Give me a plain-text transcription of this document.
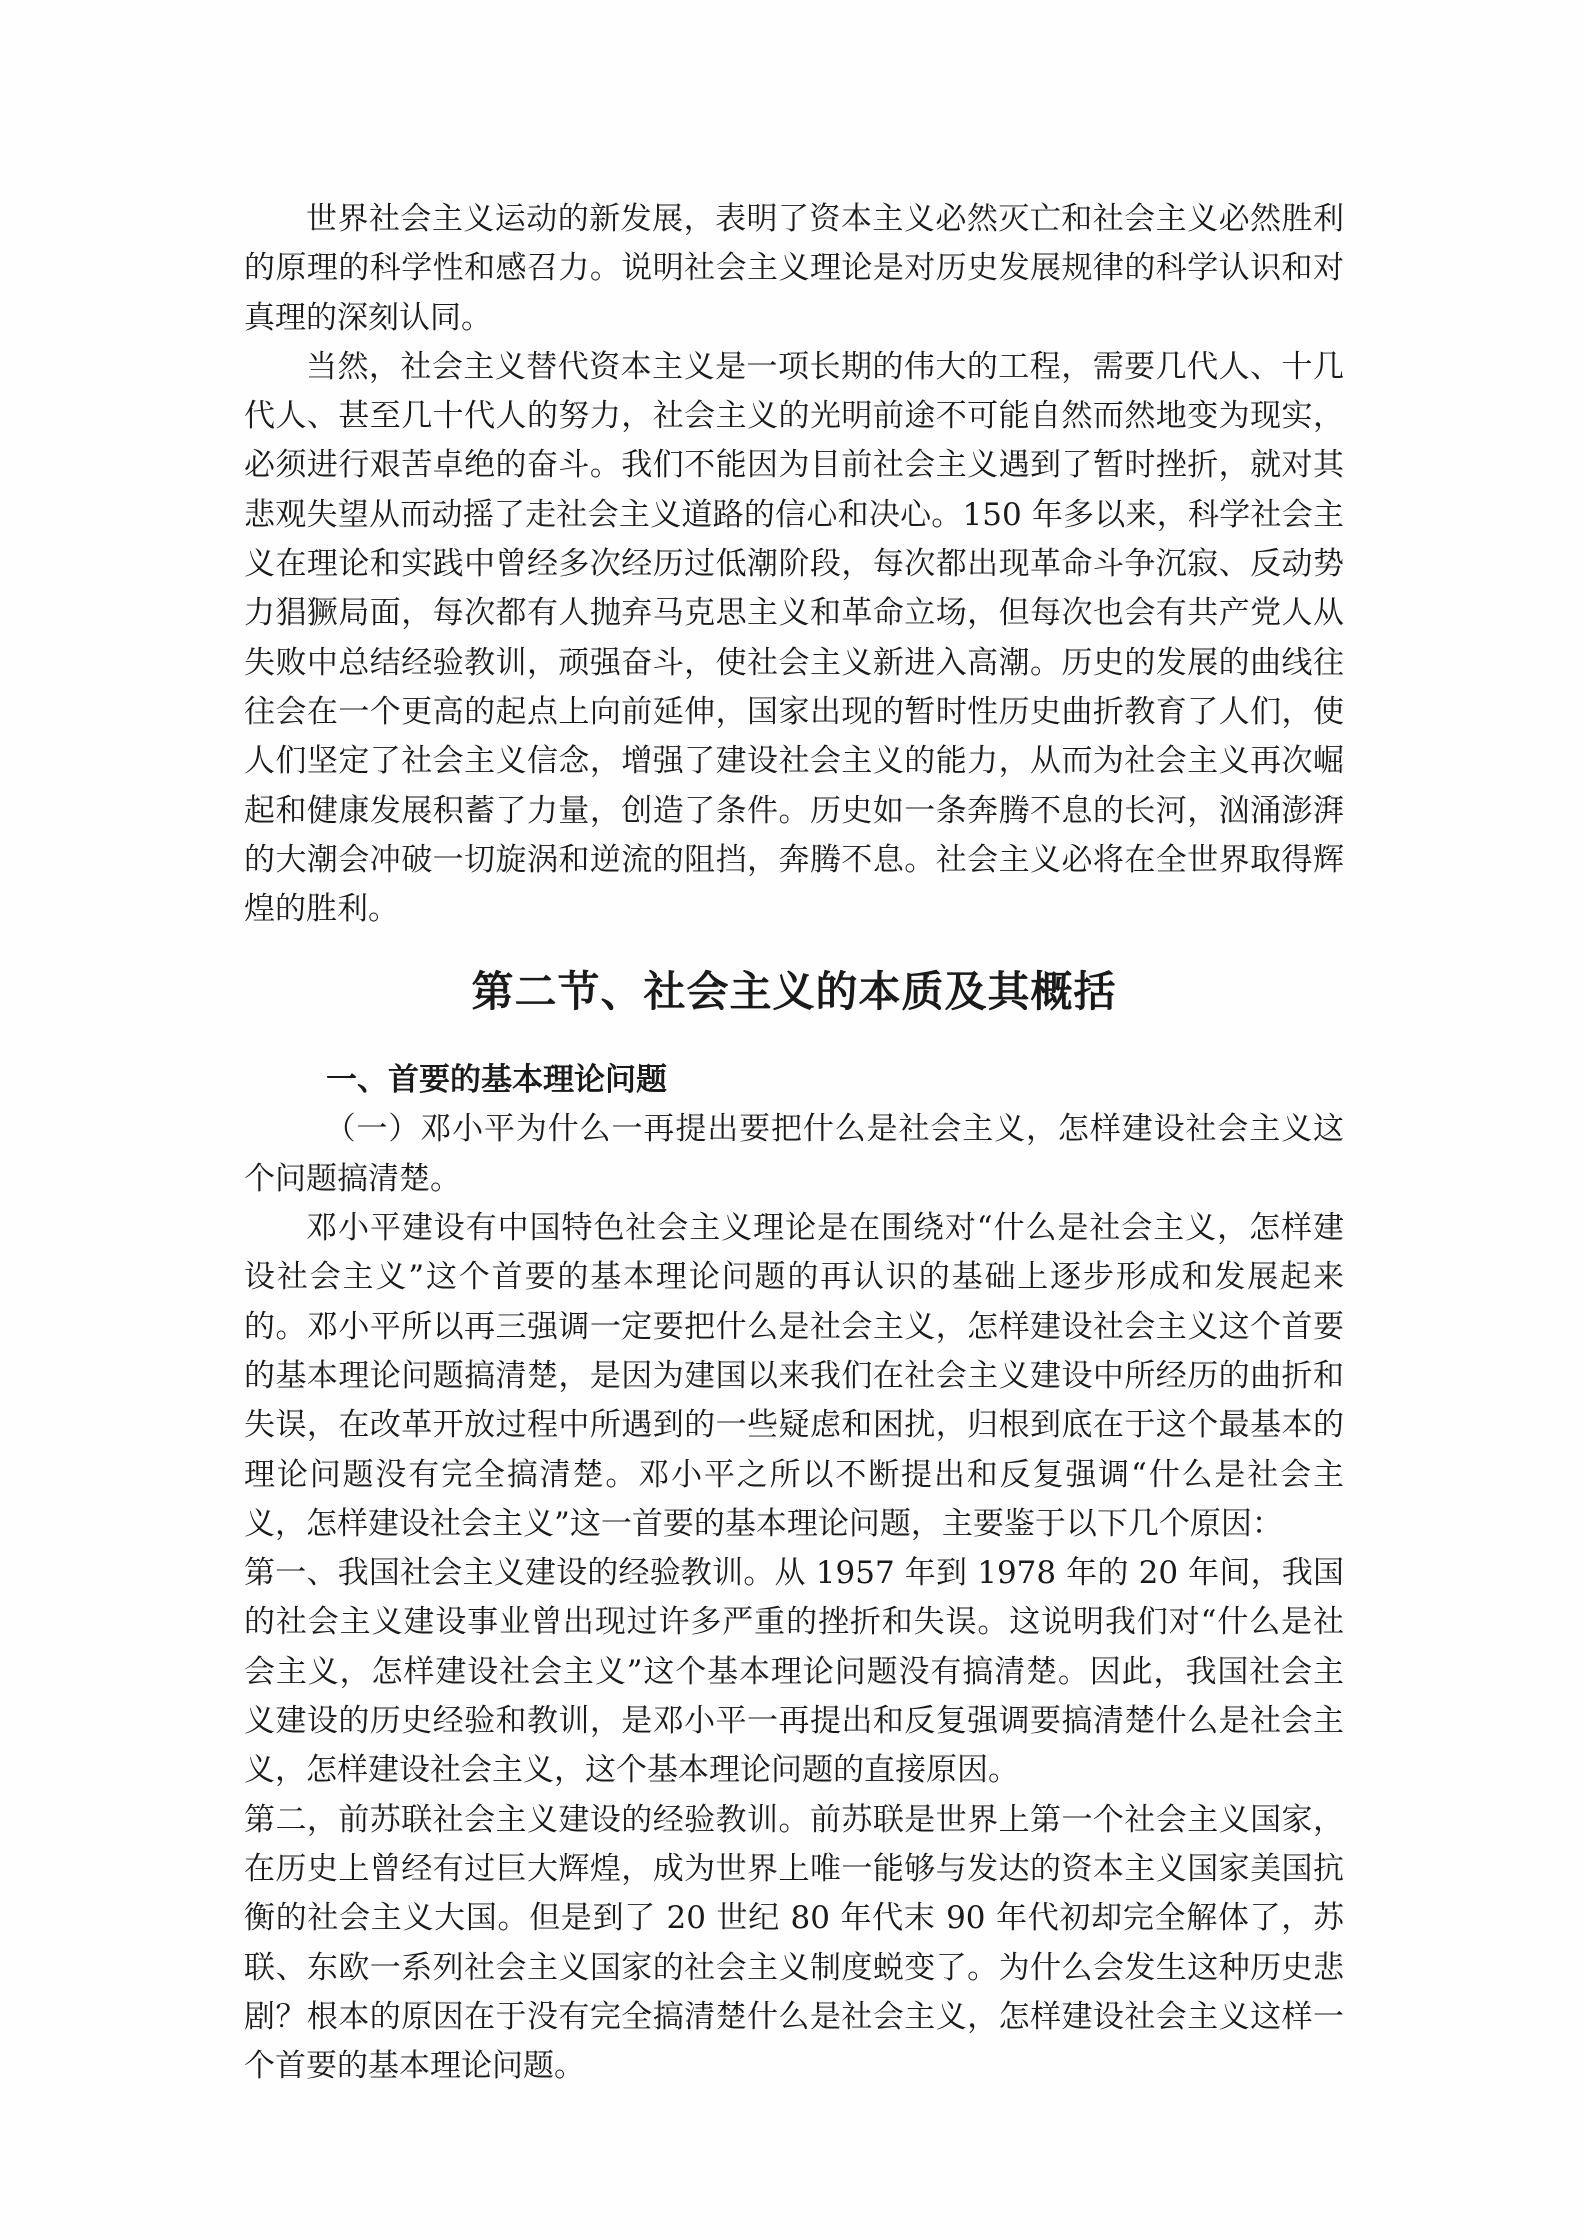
世界社会主义运动的新发展，表明了资本主义必然灭亡和社会主义必然胜利的原理的科学性和感召力。说明社会主义理论是对历史发展规律的科学认识和对真理的深刻认同。

当然，社会主义替代资本主义是一项长期的伟大的工程，需要几代人、十几代人、甚至几十代人的努力，社会主义的光明前途不可能自然而然地变为现实，必须进行艰苦卓绝的奋斗。我们不能因为目前社会主义遇到了暂时挫折，就对其悲观失望从而动摇了走社会主义道路的信心和决心。150 年多以来，科学社会主义在理论和实践中曾经多次经历过低潮阶段，每次都出现革命斗争沉寂、反动势力猖獗局面，每次都有人抛弃马克思主义和革命立场，但每次也会有共产党人从失败中总结经验教训，顽强奋斗，使社会主义新进入高潮。历史的发展的曲线往往会在一个更高的起点上向前延伸，国家出现的暂时性历史曲折教育了人们，使人们坚定了社会主义信念，增强了建设社会主义的能力，从而为社会主义再次崛起和健康发展积蓄了力量，创造了条件。历史如一条奔腾不息的长河，汹涌澎湃的大潮会冲破一切旋涡和逆流的阻挡，奔腾不息。社会主义必将在全世界取得辉煌的胜利。

第二节、社会主义的本质及其概括

一、首要的基本理论问题

（一）邓小平为什么一再提出要把什么是社会主义，怎样建设社会主义这个问题搞清楚。

邓小平建设有中国特色社会主义理论是在围绕对“什么是社会主义，怎样建设社会主义”这个首要的基本理论问题的再认识的基础上逐步形成和发展起来的。邓小平所以再三强调一定要把什么是社会主义，怎样建设社会主义这个首要的基本理论问题搞清楚，是因为建国以来我们在社会主义建设中所经历的曲折和失误，在改革开放过程中所遇到的一些疑虑和困扰，归根到底在于这个最基本的理论问题没有完全搞清楚。邓小平之所以不断提出和反复强调“什么是社会主义，怎样建设社会主义”这一首要的基本理论问题，主要鉴于以下几个原因：

第一、我国社会主义建设的经验教训。从 1957 年到 1978 年的 20 年间，我国的社会主义建设事业曾出现过许多严重的挫折和失误。这说明我们对“什么是社会主义，怎样建设社会主义”这个基本理论问题没有搞清楚。因此，我国社会主义建设的历史经验和教训，是邓小平一再提出和反复强调要搞清楚什么是社会主义，怎样建设社会主义，这个基本理论问题的直接原因。

第二，前苏联社会主义建设的经验教训。前苏联是世界上第一个社会主义国家，在历史上曾经有过巨大辉煌，成为世界上唯一能够与发达的资本主义国家美国抗衡的社会主义大国。但是到了 20 世纪 80 年代末 90 年代初却完全解体了，苏联、东欧一系列社会主义国家的社会主义制度蜕变了。为什么会发生这种历史悲剧？根本的原因在于没有完全搞清楚什么是社会主义，怎样建设社会主义这样一个首要的基本理论问题。
